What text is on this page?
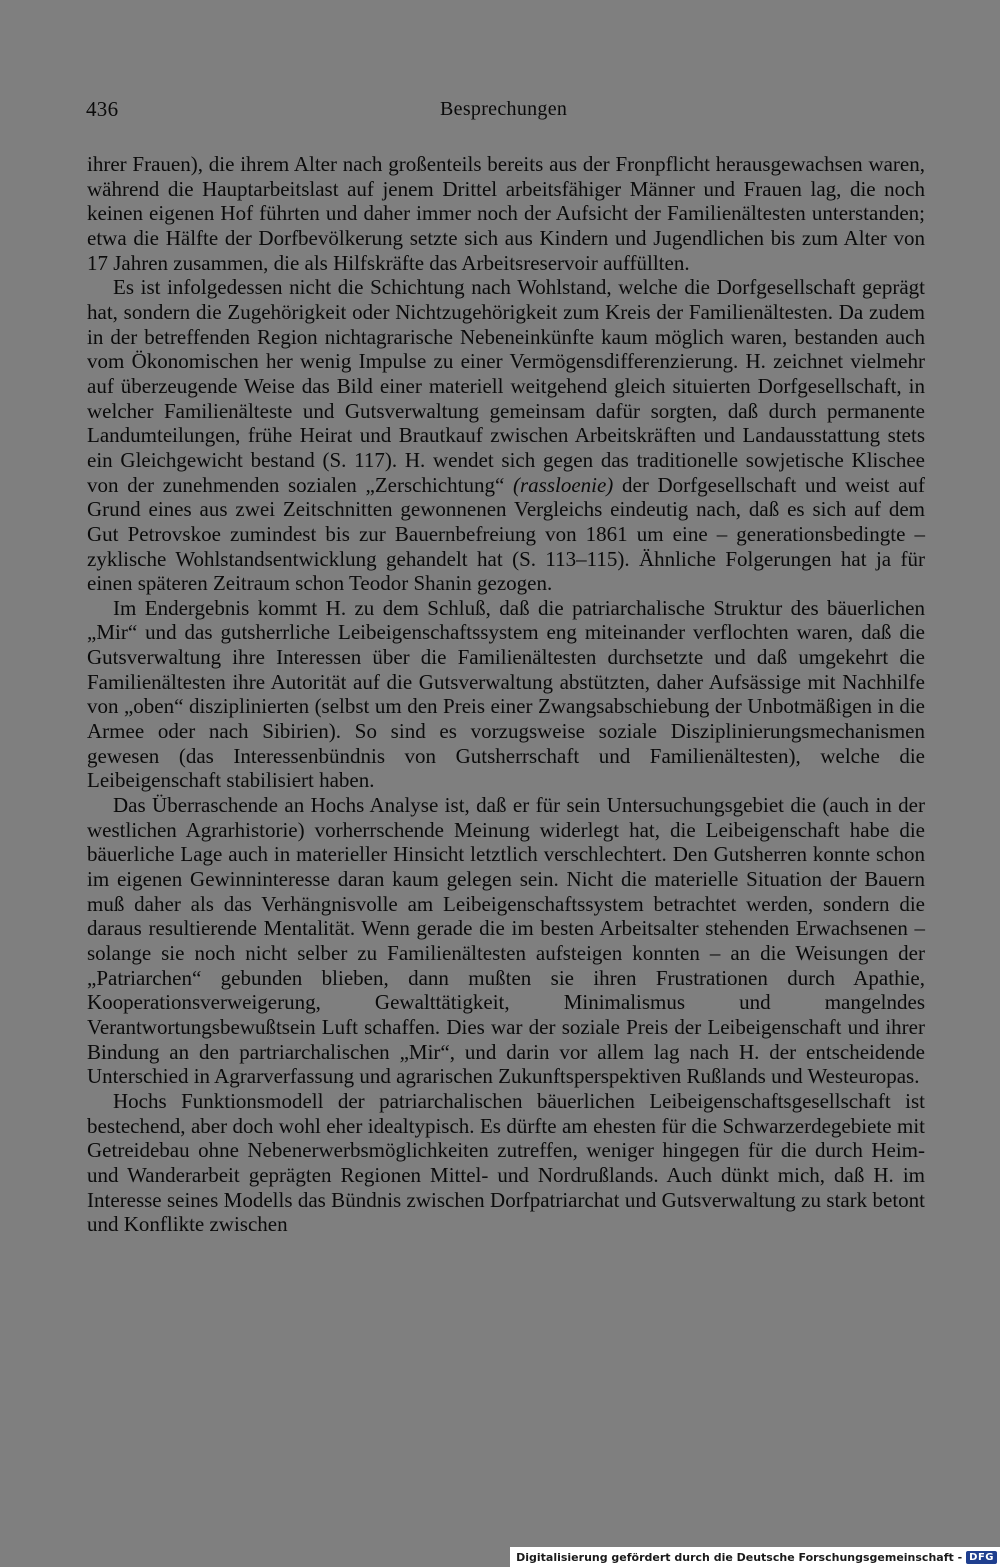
436	Besprechungen

ihrer Frauen), die ihrem Alter nach großenteils bereits aus der Fronpflicht herausgewachsen waren, während die Hauptarbeitslast auf jenem Drittel arbeitsfähiger Männer und Frauen lag, die noch keinen eigenen Hof führten und daher immer noch der Aufsicht der Familienältesten unterstanden; etwa die Hälfte der Dorfbevölkerung setzte sich aus Kindern und Jugendlichen bis zum Alter von 17 Jahren zusammen, die als Hilfskräfte das Arbeitsreservoir auffüllten.

Es ist infolgedessen nicht die Schichtung nach Wohlstand, welche die Dorfgesellschaft geprägt hat, sondern die Zugehörigkeit oder Nichtzugehörigkeit zum Kreis der Familienältesten. Da zudem in der betreffenden Region nichtagrarische Nebeneinkünfte kaum möglich waren, bestanden auch vom Ökonomischen her wenig Impulse zu einer Vermögensdifferenzierung. H. zeichnet vielmehr auf überzeugende Weise das Bild einer materiell weitgehend gleich situierten Dorfgesellschaft, in welcher Familienälteste und Gutsverwaltung gemeinsam dafür sorgten, daß durch permanente Landumteilungen, frühe Heirat und Brautkauf zwischen Arbeitskräften und Landausstattung stets ein Gleichgewicht bestand (S. 117). H. wendet sich gegen das traditionelle sowjetische Klischee von der zunehmenden sozialen „Zerschichtung“ (rassloenie) der Dorfgesellschaft und weist auf Grund eines aus zwei Zeitschnitten gewonnenen Vergleichs eindeutig nach, daß es sich auf dem Gut Petrovskoe zumindest bis zur Bauernbefreiung von 1861 um eine – generationsbedingte – zyklische Wohlstandsentwicklung gehandelt hat (S. 113–115). Ähnliche Folgerungen hat ja für einen späteren Zeitraum schon Teodor Shanin gezogen.

Im Endergebnis kommt H. zu dem Schluß, daß die patriarchalische Struktur des bäuerlichen „Mir“ und das gutsherrliche Leibeigenschaftssystem eng miteinander verflochten waren, daß die Gutsverwaltung ihre Interessen über die Familienältesten durchsetzte und daß umgekehrt die Familienältesten ihre Autorität auf die Gutsverwaltung abstützten, daher Aufsässige mit Nachhilfe von „oben“ disziplinierten (selbst um den Preis einer Zwangsabschiebung der Unbotmäßigen in die Armee oder nach Sibirien). So sind es vorzugsweise soziale Disziplinierungsmechanismen gewesen (das Interessenbündnis von Gutsherrschaft und Familienältesten), welche die Leibeigenschaft stabilisiert haben.

Das Überraschende an Hochs Analyse ist, daß er für sein Untersuchungsgebiet die (auch in der westlichen Agrarhistorie) vorherrschende Meinung widerlegt hat, die Leibeigenschaft habe die bäuerliche Lage auch in materieller Hinsicht letztlich verschlechtert. Den Gutsherren konnte schon im eigenen Gewinninteresse daran kaum gelegen sein. Nicht die materielle Situation der Bauern muß daher als das Verhängnisvolle am Leibeigenschaftssystem betrachtet werden, sondern die daraus resultierende Mentalität. Wenn gerade die im besten Arbeitsalter stehenden Erwachsenen – solange sie noch nicht selber zu Familienältesten aufsteigen konnten – an die Weisungen der „Patriarchen“ gebunden blieben, dann mußten sie ihren Frustrationen durch Apathie, Kooperationsverweigerung, Gewalttätigkeit, Minimalismus und mangelndes Verantwortungsbewußtsein Luft schaffen. Dies war der soziale Preis der Leibeigenschaft und ihrer Bindung an den partriarchalischen „Mir“, und darin vor allem lag nach H. der entscheidende Unterschied in Agrarverfassung und agrarischen Zukunftsperspektiven Rußlands und Westeuropas.

Hochs Funktionsmodell der patriarchalischen bäuerlichen Leibeigenschaftsgesellschaft ist bestechend, aber doch wohl eher idealtypisch. Es dürfte am ehesten für die Schwarzerdegebiete mit Getreidebau ohne Nebenerwerbsmöglichkeiten zutreffen, weniger hingegen für die durch Heim- und Wanderarbeit geprägten Regionen Mittel- und Nordrußlands. Auch dünkt mich, daß H. im Interesse seines Modells das Bündnis zwischen Dorfpatriarchat und Gutsverwaltung zu stark betont und Konflikte zwischen

Digitalisierung gefördert durch die Deutsche Forschungsgemeinschaft - DFG
